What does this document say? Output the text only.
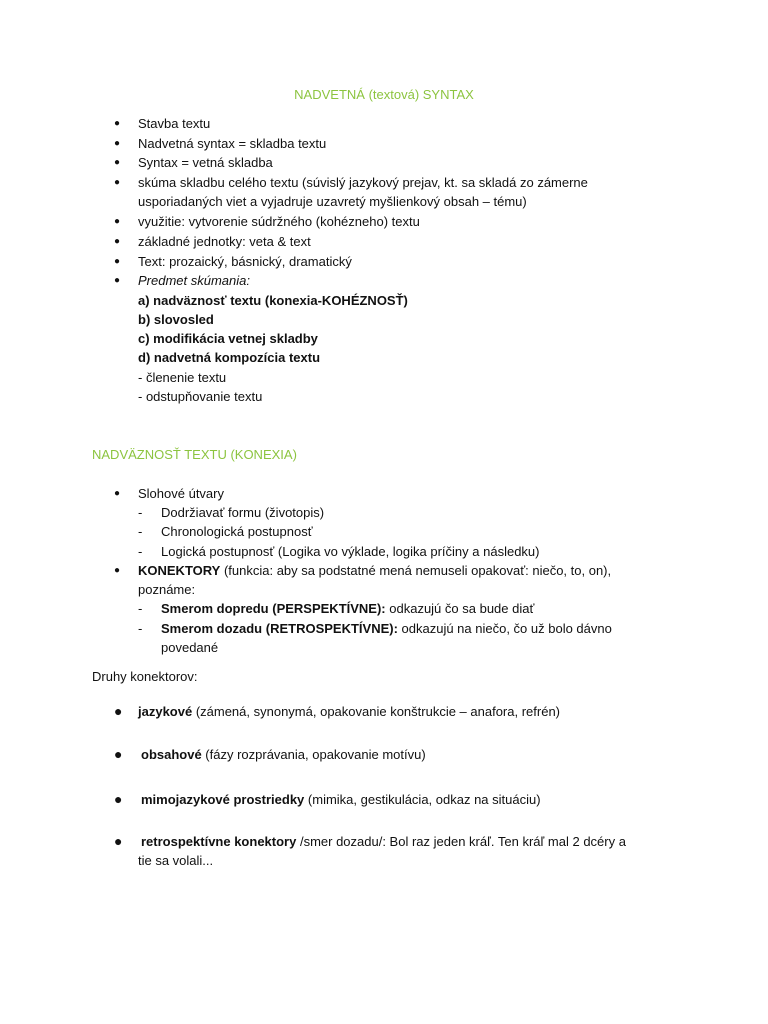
NADVETNÁ (textová) SYNTAX
● Stavba textu
● Nadvetná syntax = skladba textu
● Syntax = vetná skladba
● skúma skladbu celého textu (súvislý jazykový prejav, kt. sa skladá zo zámerne
usporiadaných viet a vyjadruje uzavretý myšlienkový obsah – tému)
● využitie: vytvorenie súdržného (kohézneho) textu
● základné jednotky: veta & text
● Text: prozaický, básnický, dramatický
● Predmet skúmania:
a) nadväznosť textu (konexia-KOHÉZNOSŤ)
b) slovosled
c) modifikácia vetnej skladby
d) nadvetná kompozícia textu
- členenie textu
- odstupňovanie textu
NADVÄZNOSŤ TEXTU (KONEXIA)
● Slohové útvary
- Dodržiavať formu (životopis)
- Chronologická postupnosť
- Logická postupnosť (Logika vo výklade, logika príčiny a následku)
● KONEKTORY (funkcia: aby sa podstatné mená nemuseli opakovať: niečo, to, on),
poznáme:
- Smerom dopredu (PERSPEKTÍVNE): odkazujú čo sa bude diať
- Smerom dozadu (RETROSPEKTÍVNE): odkazujú na niečo, čo už bolo dávno
povedané
Druhy konektorov:
● jazykové (zámená, synonymá, opakovanie konštrukcie – anafora, refrén)
● obsahové (fázy rozprávania, opakovanie motívu)
● mimojazykové prostriedky (mimika, gestikulácia, odkaz na situáciu)
● retrospektívne konektory /smer dozadu/: Bol raz jeden kráľ. Ten kráľ mal 2 dcéry a
tie sa volali...
